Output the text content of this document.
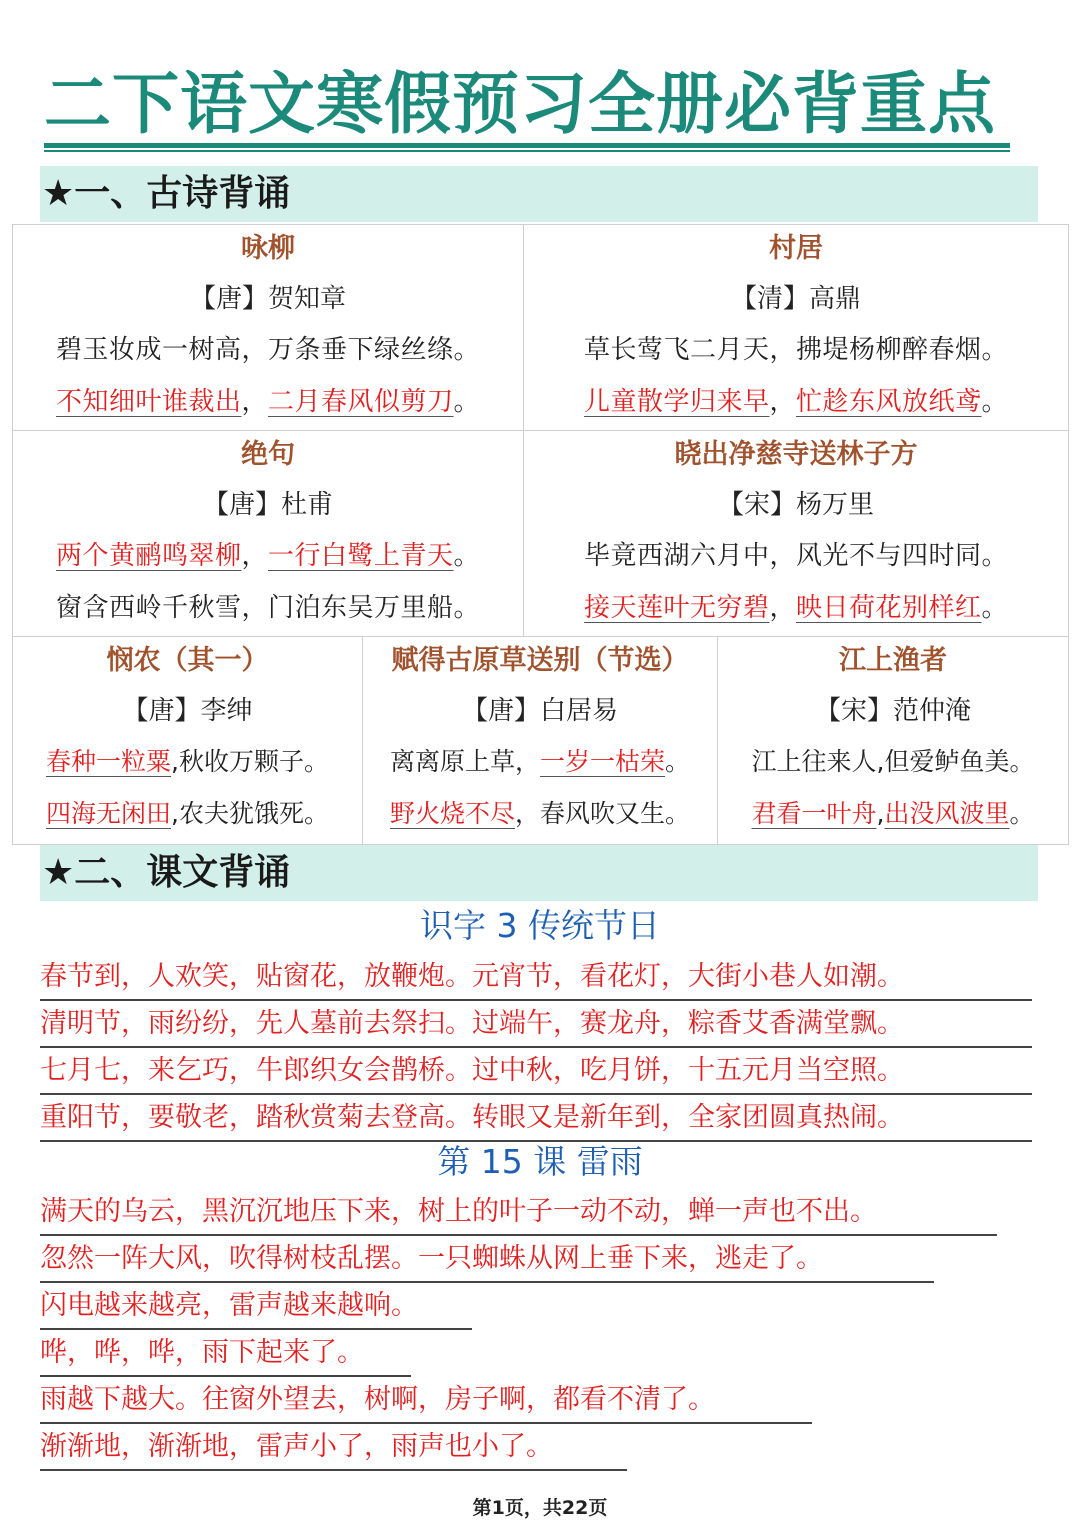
二下语文寒假预习全册必背重点
★一、古诗背诵
咏柳
【唐】贺知章
碧玉妆成一树高，万条垂下绿丝绦。
不知细叶谁裁出，二月春风似剪刀。
村居
【清】高鼎
草长莺飞二月天，拂堤杨柳醉春烟。
儿童散学归来早，忙趁东风放纸鸢。
绝句
【唐】杜甫
两个黄鹂鸣翠柳，一行白鹭上青天。
窗含西岭千秋雪，门泊东吴万里船。
晓出净慈寺送林子方
【宋】杨万里
毕竟西湖六月中，风光不与四时同。
接天莲叶无穷碧，映日荷花别样红。
悯农（其一）
【唐】李绅
春种一粒粟,秋收万颗子。
四海无闲田,农夫犹饿死。
赋得古原草送别（节选）
【唐】白居易
离离原上草，一岁一枯荣。
野火烧不尽，春风吹又生。
江上渔者
【宋】范仲淹
江上往来人,但爱鲈鱼美。
君看一叶舟,出没风波里。
★二、课文背诵
识字 3 传统节日
春节到，人欢笑，贴窗花，放鞭炮。元宵节，看花灯，大街小巷人如潮。
清明节，雨纷纷，先人墓前去祭扫。过端午，赛龙舟，粽香艾香满堂飘。
七月七，来乞巧，牛郎织女会鹊桥。过中秋，吃月饼，十五元月当空照。
重阳节，要敬老，踏秋赏菊去登高。转眼又是新年到，全家团圆真热闹。
第 15 课 雷雨
满天的乌云，黑沉沉地压下来，树上的叶子一动不动，蝉一声也不出。
忽然一阵大风，吹得树枝乱摆。一只蜘蛛从网上垂下来，逃走了。
闪电越来越亮，雷声越来越响。
哗，哗，哗，雨下起来了。
雨越下越大。往窗外望去，树啊，房子啊，都看不清了。
渐渐地，渐渐地，雷声小了，雨声也小了。
第1页，共22页
